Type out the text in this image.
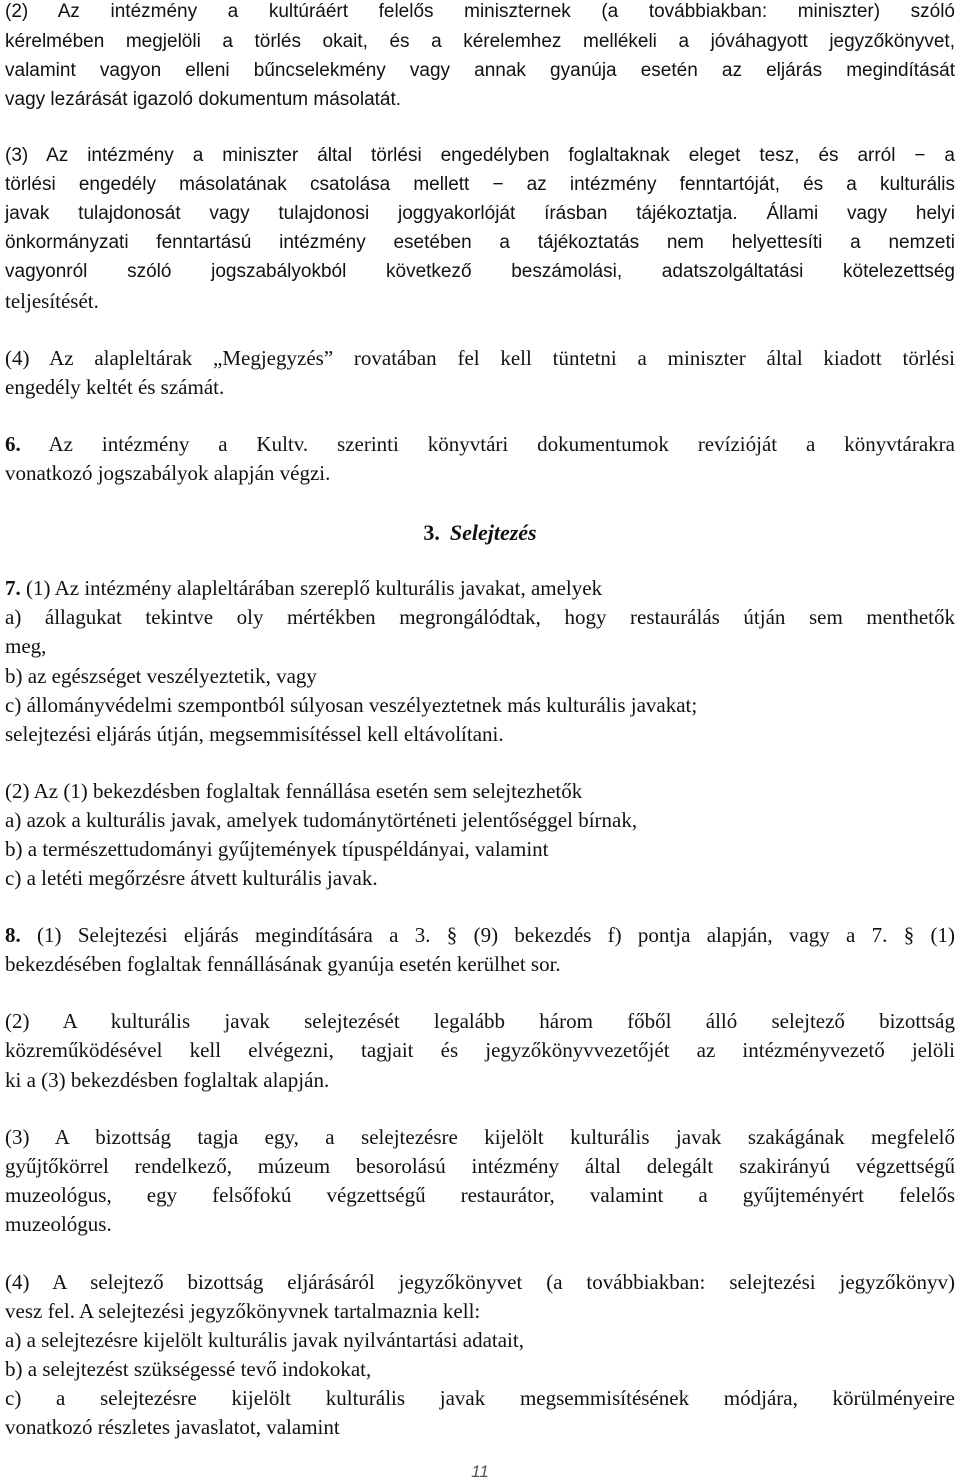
(2) Az intézmény a kultúráért felelős miniszternek (a továbbiakban: miniszter) szóló

kérelmében megjelöli a törlés okait, és a kérelemhez mellékeli a jóváhagyott jegyzőkönyvet,

valamint vagyon elleni bűncselekmény vagy annak gyanúja esetén az eljárás megindítását

vagy lezárását igazoló dokumentum másolatát.

(3) Az intézmény a miniszter által törlési engedélyben foglaltaknak eleget tesz, és arról − a

törlési engedély másolatának csatolása mellett − az intézmény fenntartóját, és a kulturális

javak tulajdonosát vagy tulajdonosi joggyakorlóját írásban tájékoztatja. Állami vagy helyi

önkormányzati fenntartású intézmény esetében a tájékoztatás nem helyettesíti a nemzeti

vagyonról szóló jogszabályokból következő beszámolási, adatszolgáltatási kötelezettség

teljesítését.

(4) Az alapleltárak „Megjegyzés” rovatában fel kell tüntetni a miniszter által kiadott törlési

engedély keltét és számát.

6. Az intézmény a Kultv. szerinti könyvtári dokumentumok revízióját a könyvtárakra

vonatkozó jogszabályok alapján végzi.

3. Selejtezés

7. (1) Az intézmény alapleltárában szereplő kulturális javakat, amelyek

a) állagukat tekintve oly mértékben megrongálódtak, hogy restaurálás útján sem menthetők

meg,

b) az egészséget veszélyeztetik, vagy

c) állományvédelmi szempontból súlyosan veszélyeztetnek más kulturális javakat;

selejtezési eljárás útján, megsemmisítéssel kell eltávolítani.

(2) Az (1) bekezdésben foglaltak fennállása esetén sem selejtezhetők

a) azok a kulturális javak, amelyek tudománytörténeti jelentőséggel bírnak,

b) a természettudományi gyűjtemények típuspéldányai, valamint

c) a letéti megőrzésre átvett kulturális javak.

8. (1) Selejtezési eljárás megindítására a 3. § (9) bekezdés f) pontja alapján, vagy a 7. § (1)

bekezdésében foglaltak fennállásának gyanúja esetén kerülhet sor.

(2) A kulturális javak selejtezését legalább három főből álló selejtező bizottság

közreműködésével kell elvégezni, tagjait és jegyzőkönyvvezetőjét az intézményvezető jelöli

ki a (3) bekezdésben foglaltak alapján.

(3) A bizottság tagja egy, a selejtezésre kijelölt kulturális javak szakágának megfelelő

gyűjtőkörrel rendelkező, múzeum besorolású intézmény által delegált szakirányú végzettségű

muzeológus, egy felsőfokú végzettségű restaurátor, valamint a gyűjteményért felelős

muzeológus.

(4) A selejtező bizottság eljárásáról jegyzőkönyvet (a továbbiakban: selejtezési jegyzőkönyv)

vesz fel. A selejtezési jegyzőkönyvnek tartalmaznia kell:

a) a selejtezésre kijelölt kulturális javak nyilvántartási adatait,

b) a selejtezést szükségessé tevő indokokat,

c) a selejtezésre kijelölt kulturális javak megsemmisítésének módjára, körülményeire

vonatkozó részletes javaslatot, valamint

11
